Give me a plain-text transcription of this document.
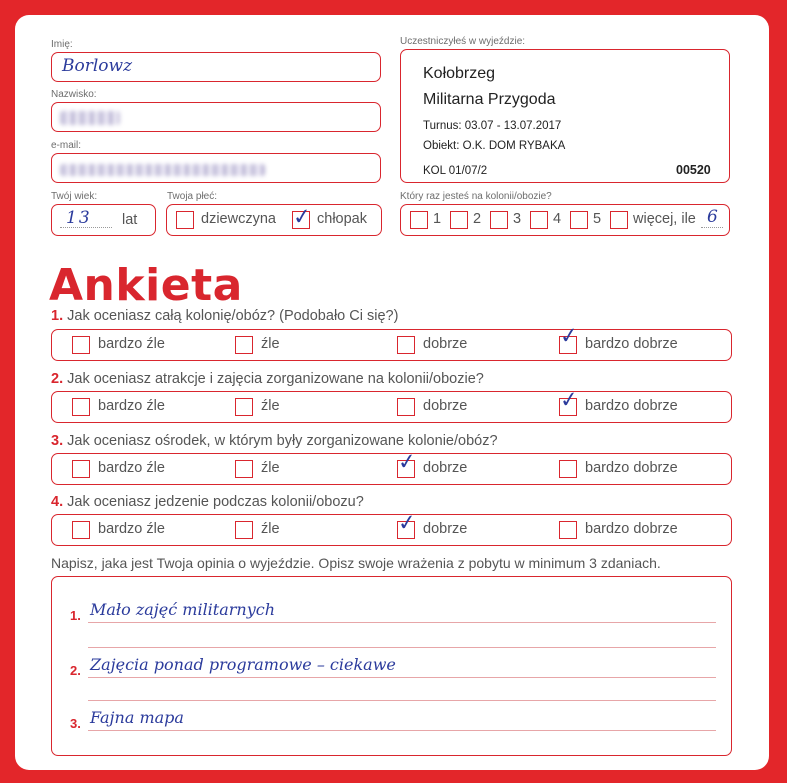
Imię:
Borlowz
Nazwisko:
e-mail:
Twój wiek:
13 lat
Twoja płeć:
dziewczyna ✓ chłopak
Uczestniczyłeś w wyjeździe:
Kołobrzeg
Militarna Przygoda
Turnus: 03.07 - 13.07.2017
Obiekt: O.K. DOM RYBAKA
KOL 01/07/2	00520
Który raz jesteś na kolonii/obozie?
1 2 3 4 5 więcej, ile 6
Ankieta
1. Jak oceniasz całą kolonię/obóz? (Podobało Ci się?)
bardzo źle	źle	dobrze	✓ bardzo dobrze
2. Jak oceniasz atrakcje i zajęcia zorganizowane na kolonii/obozie?
bardzo źle	źle	dobrze	✓ bardzo dobrze
3. Jak oceniasz ośrodek, w którym były zorganizowane kolonie/obóz?
bardzo źle	źle	✓ dobrze	bardzo dobrze
4. Jak oceniasz jedzenie podczas kolonii/obozu?
bardzo źle	źle	✓ dobrze	bardzo dobrze
Napisz, jaka jest Twoja opinia o wyjeździe. Opisz swoje wrażenia z pobytu w minimum 3 zdaniach.
1. Mało zajęć militarnych
2. Zajęcia ponad programowe – ciekawe
3. Fajna mapa
